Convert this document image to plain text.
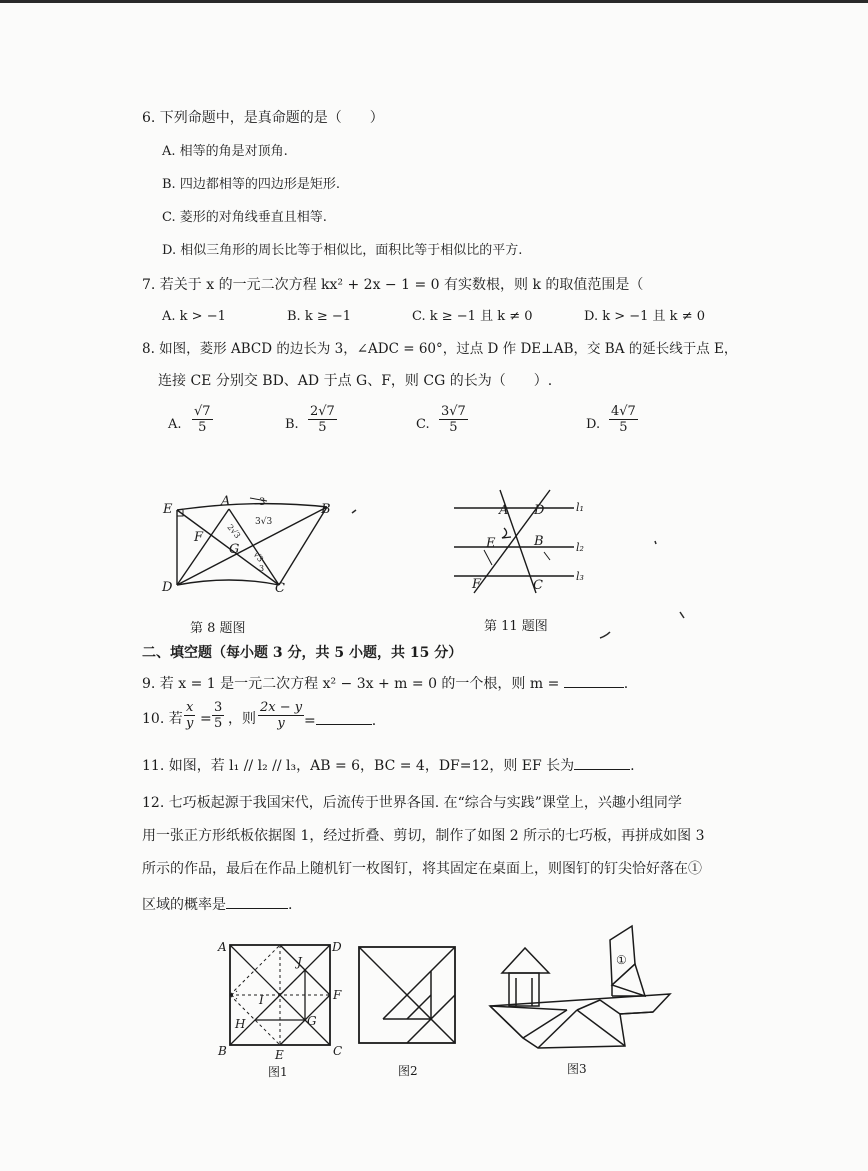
6. 下列命题中，是真命题的是（　　）
A. 相等的角是对顶角.
B. 四边都相等的四边形是矩形.
C. 菱形的对角线垂直且相等.
D. 相似三角形的周长比等于相似比，面积比等于相似比的平方.
7. 若关于 x 的一元二次方程 kx² + 2x − 1 = 0 有实数根，则 k 的取值范围是（
A. k > −1	B. k ≥ −1	C. k ≥ −1 且 k ≠ 0	D. k > −1 且 k ≠ 0
8. 如图，菱形 ABCD 的边长为 3，∠ADC = 60°，过点 D 作 DE⊥AB，交 BA 的延长线于点 E，
连接 CE 分别交 BD、AD 于点 G、F，则 CG 的长为（　　）.
A. $\frac{√7}{5}$	B. $\frac{2√7}{5}$	C. $\frac{3√7}{5}$	D. $\frac{4√7}{5}$
E
A
B
F
G
D	C
3
3√3
2√3
√3
3
第 8 题图
A D
B
E
F	C
l₁
l₂
l₃
第 11 题图
二、填空题（每小题 3 分，共 5 小题，共 15 分）
9. 若 x = 1 是一元二次方程 x² − 3x + m = 0 的一个根，则 m =	.
10. 若 $\frac{x}{y} = \frac{3}{5}$ ，则 $\frac{2x - y}{y}$ =	.
11. 如图，若 l₁ // l₂ // l₃，AB = 6，BC = 4，DF=12，则 EF 长为	.
12. 七巧板起源于我国宋代，后流传于世界各国. 在“综合与实践”课堂上，兴趣小组同学
用一张正方形纸板依据图 1，经过折叠、剪切，制作了如图 2 所示的七巧板，再拼成如图 3
所示的作品，最后在作品上随机钉一枚图钉，将其固定在桌面上，则图钉的钉尖恰好落在①
区域的概率是	.
A	D
B	C
E
F
J
I
H	G
图1	图2
①
图3
